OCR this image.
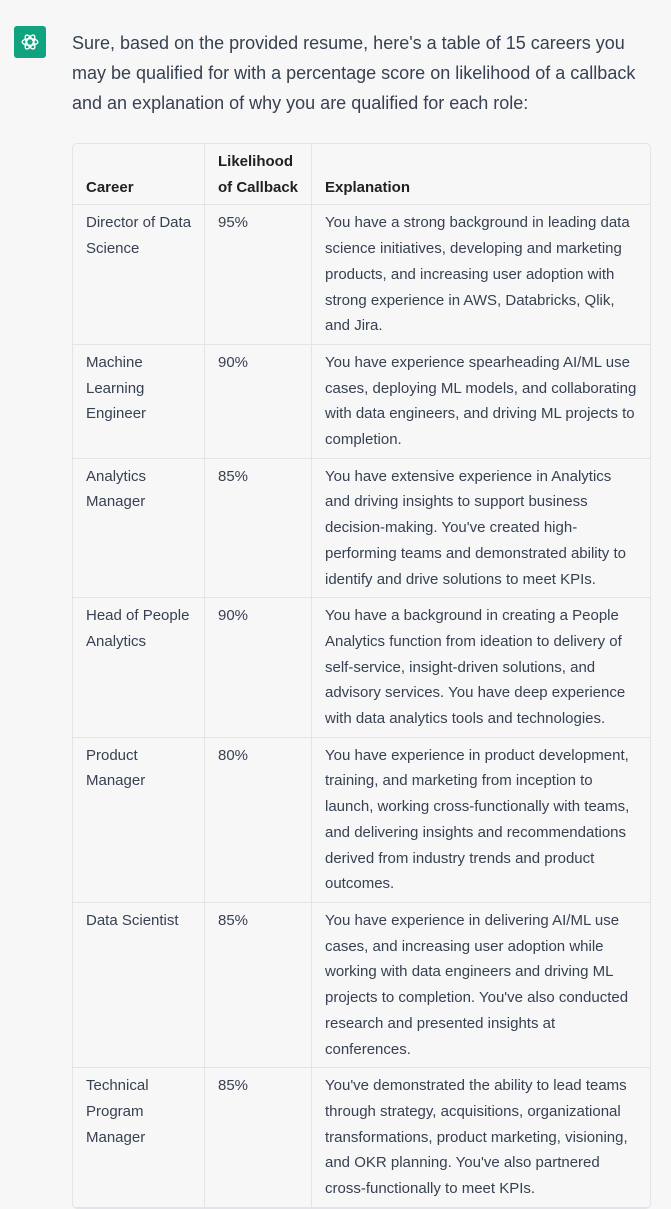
Sure, based on the provided resume, here's a table of 15 careers you may be qualified for with a percentage score on likelihood of a callback and an explanation of why you are qualified for each role:

Career	Likelihood of Callback	Explanation
Director of Data Science	95%	You have a strong background in leading data science initiatives, developing and marketing products, and increasing user adoption with strong experience in AWS, Databricks, Qlik, and Jira.
Machine Learning Engineer	90%	You have experience spearheading AI/ML use cases, deploying ML models, and collaborating with data engineers, and driving ML projects to completion.
Analytics Manager	85%	You have extensive experience in Analytics and driving insights to support business decision-making. You've created high-performing teams and demonstrated ability to identify and drive solutions to meet KPIs.
Head of People Analytics	90%	You have a background in creating a People Analytics function from ideation to delivery of self-service, insight-driven solutions, and advisory services. You have deep experience with data analytics tools and technologies.
Product Manager	80%	You have experience in product development, training, and marketing from inception to launch, working cross-functionally with teams, and delivering insights and recommendations derived from industry trends and product outcomes.
Data Scientist	85%	You have experience in delivering AI/ML use cases, and increasing user adoption while working with data engineers and driving ML projects to completion. You've also conducted research and presented insights at conferences.
Technical Program Manager	85%	You've demonstrated the ability to lead teams through strategy, acquisitions, organizational transformations, product marketing, visioning, and OKR planning. You've also partnered cross-functionally to meet KPIs.
